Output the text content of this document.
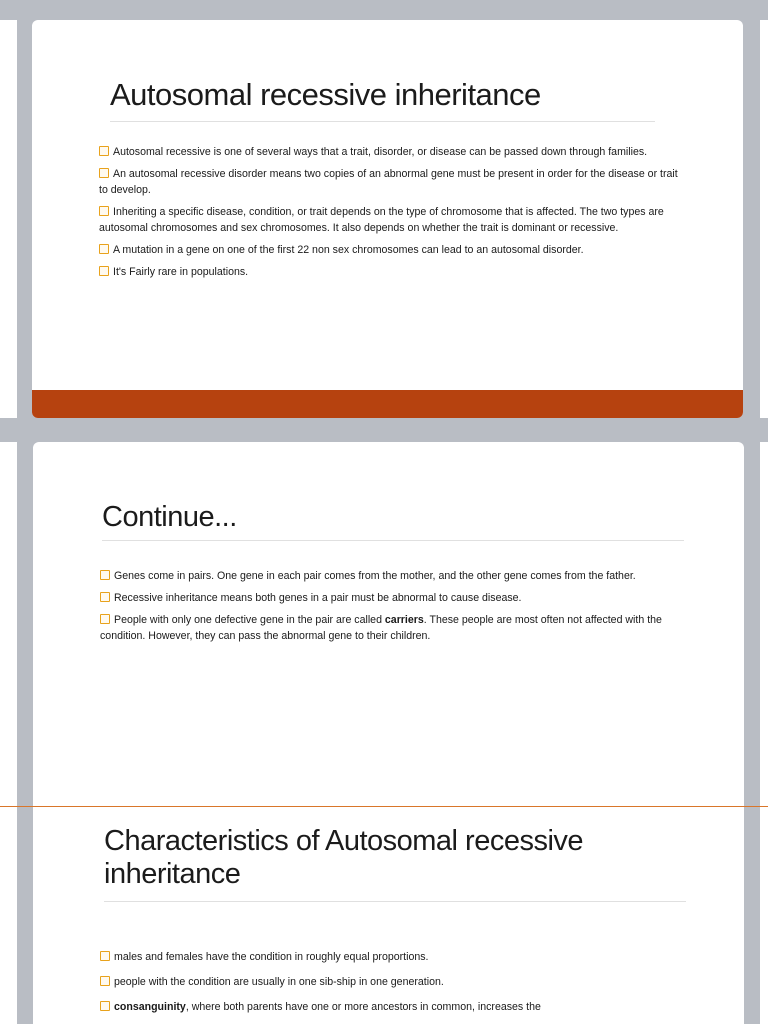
Autosomal recessive inheritance
Autosomal recessive is one of several ways that a trait, disorder, or disease can be passed down through families.
An autosomal recessive disorder means two copies of an abnormal gene must be present in order for the disease or trait to develop.
Inheriting a specific disease, condition, or trait depends on the type of chromosome that is affected. The two types are autosomal chromosomes and sex chromosomes. It also depends on whether the trait is dominant or recessive.
A mutation in a gene on one of the first 22 non sex chromosomes can lead to an autosomal disorder.
It's Fairly rare in populations.
Continue...
Genes come in pairs. One gene in each pair comes from the mother, and the other gene comes from the father.
Recessive inheritance means both genes in a pair must be abnormal to cause disease.
People with only one defective gene in the pair are called carriers. These people are most often not affected with the condition. However, they can pass the abnormal gene to their children.
Characteristics of Autosomal recessive
inheritance
males and females have the condition in roughly equal proportions.
people with the condition are usually in one sib-ship in one generation.
consanguinity, where both parents have one or more ancestors in common, increases the
